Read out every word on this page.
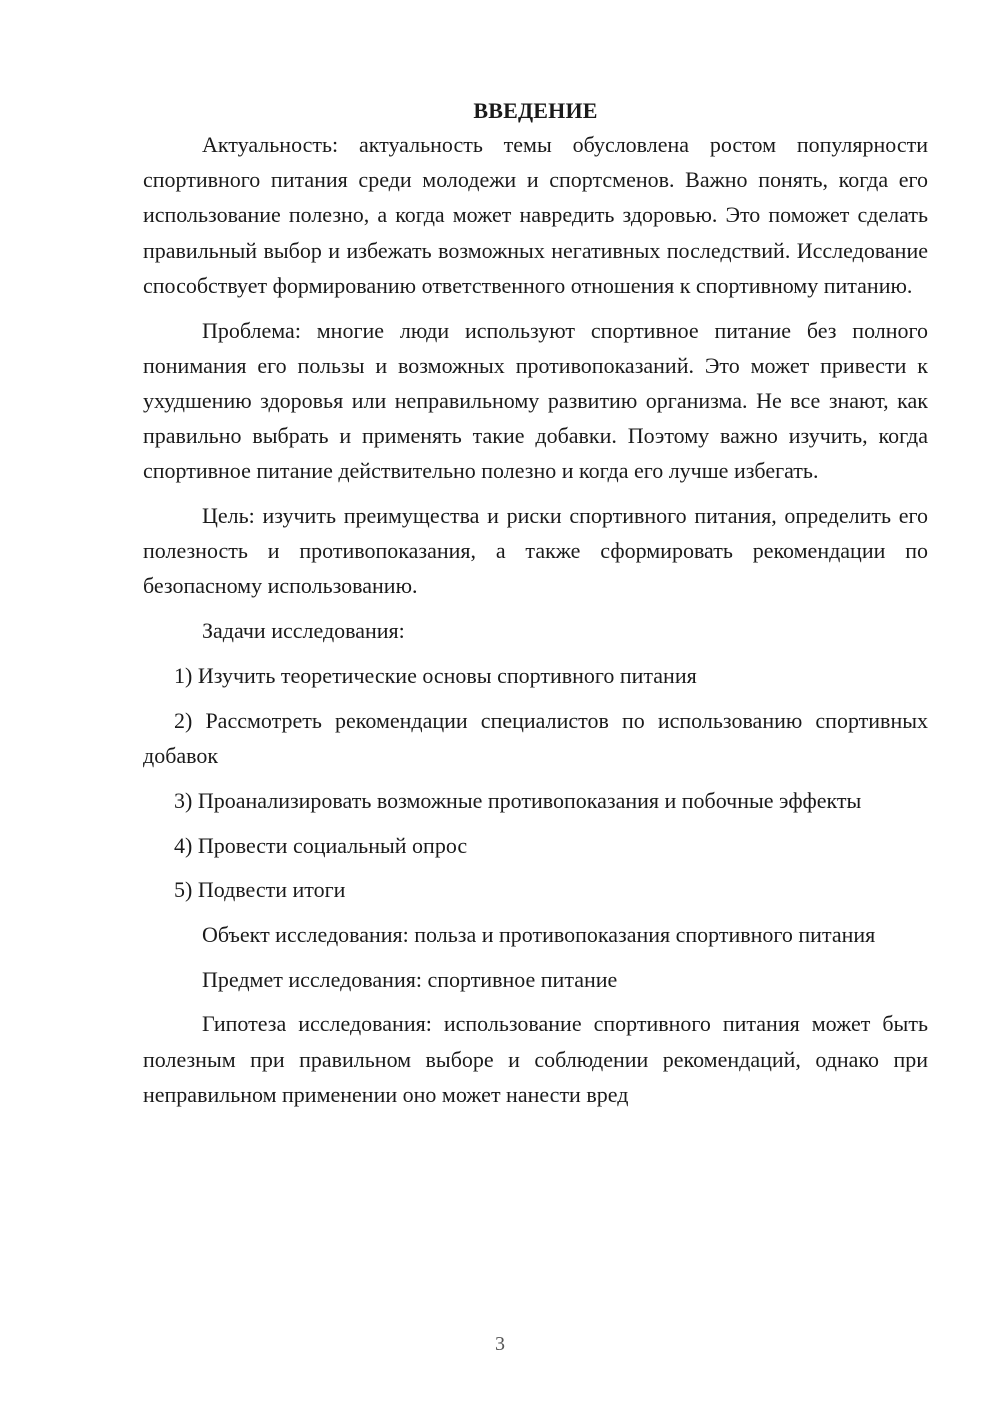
ВВЕДЕНИЕ

Актуальность: актуальность темы обусловлена ростом популярности спортивного питания среди молодежи и спортсменов. Важно понять, когда его использование полезно, а когда может навредить здоровью. Это поможет сделать правильный выбор и избежать возможных негативных последствий. Исследование способствует формированию ответственного отношения к спортивному питанию.

Проблема: многие люди используют спортивное питание без полного понимания его пользы и возможных противопоказаний. Это может привести к ухудшению здоровья или неправильному развитию организма. Не все знают, как правильно выбрать и применять такие добавки. Поэтому важно изучить, когда спортивное питание действительно полезно и когда его лучше избегать.

Цель: изучить преимущества и риски спортивного питания, определить его полезность и противопоказания, а также сформировать рекомендации по безопасному использованию.

Задачи исследования:

1) Изучить теоретические основы спортивного питания

2) Рассмотреть рекомендации специалистов по использованию спортивных добавок

3) Проанализировать возможные противопоказания и побочные эффекты

4) Провести социальный опрос

5) Подвести итоги

Объект исследования: польза и противопоказания спортивного питания

Предмет исследования: спортивное питание

Гипотеза исследования: использование спортивного питания может быть полезным при правильном выборе и соблюдении рекомендаций, однако при неправильном применении оно может нанести вред

3
